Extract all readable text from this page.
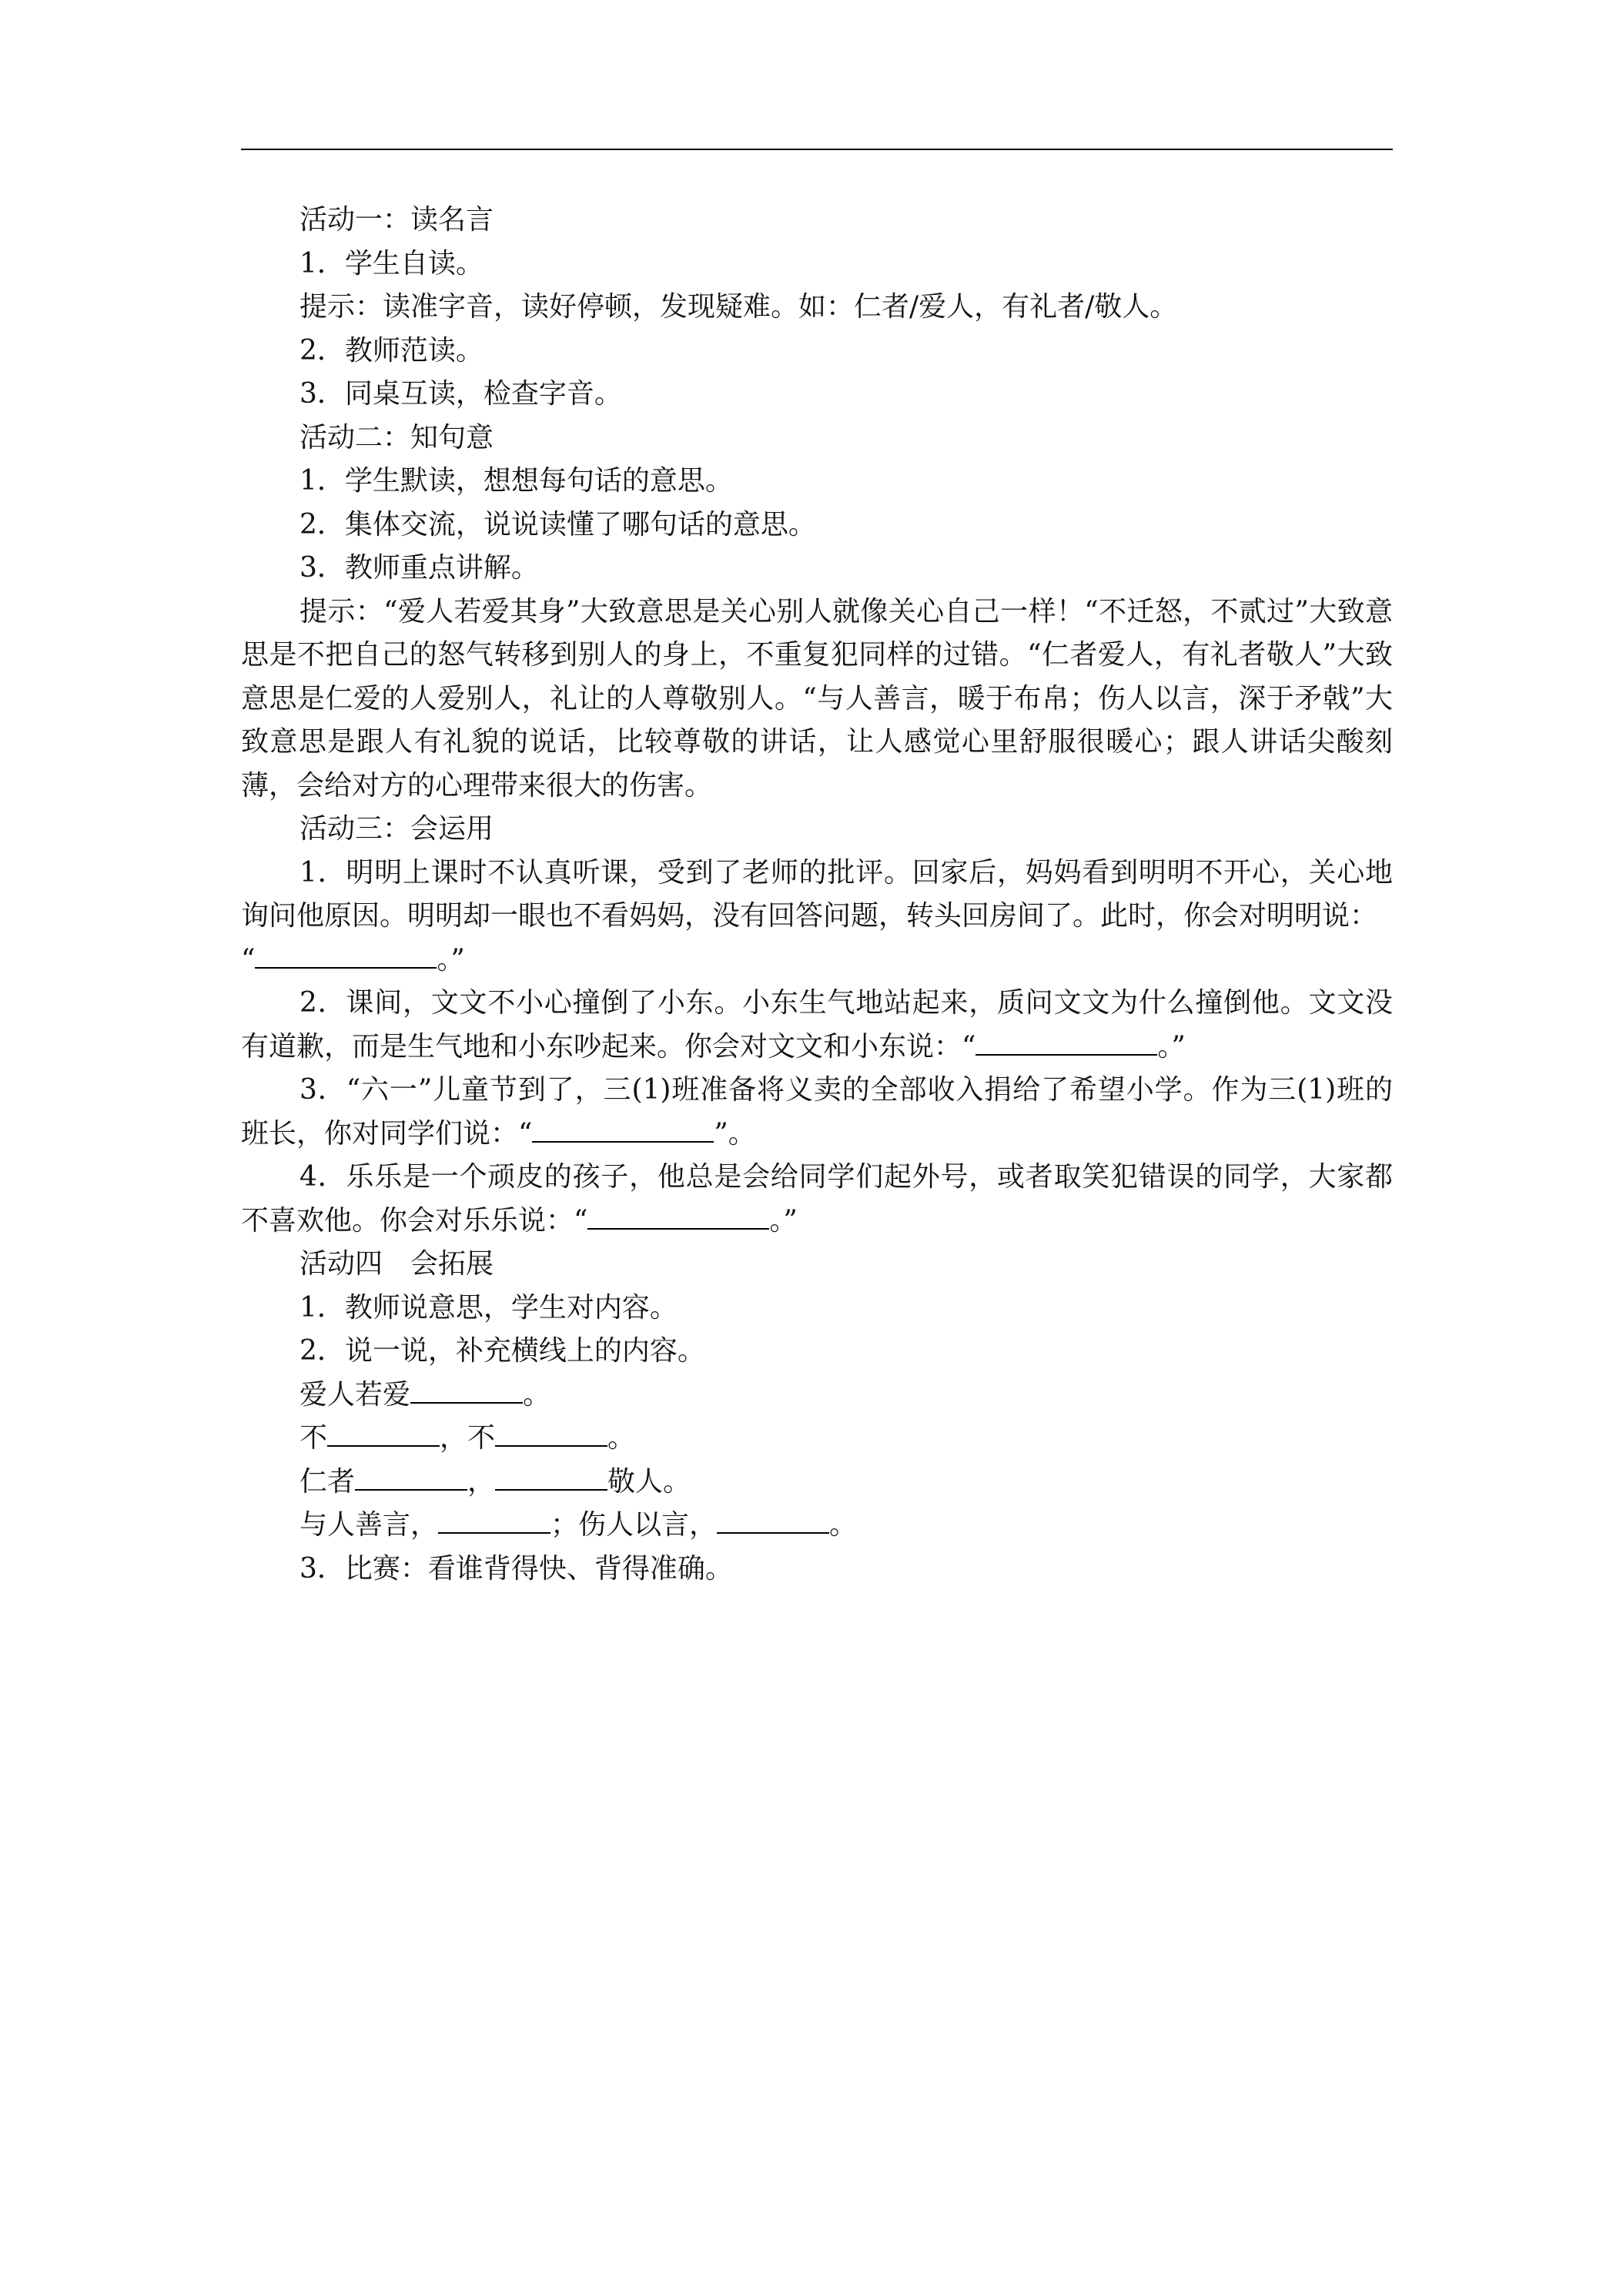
活动一：读名言
1．学生自读。
提示：读准字音，读好停顿，发现疑难。如：仁者/爱人，有礼者/敬人。
2．教师范读。
3．同桌互读，检查字音。
活动二：知句意
1．学生默读，想想每句话的意思。
2．集体交流，说说读懂了哪句话的意思。
3．教师重点讲解。
提示：“爱人若爱其身”大致意思是关心别人就像关心自己一样！“不迁怒，不贰过”大致意思是不把自己的怒气转移到别人的身上，不重复犯同样的过错。“仁者爱人，有礼者敬人”大致意思是仁爱的人爱别人，礼让的人尊敬别人。“与人善言，暖于布帛；伤人以言，深于矛戟”大致意思是跟人有礼貌的说话，比较尊敬的讲话，让人感觉心里舒服很暖心；跟人讲话尖酸刻薄，会给对方的心理带来很大的伤害。
活动三：会运用
1．明明上课时不认真听课，受到了老师的批评。回家后，妈妈看到明明不开心，关心地询问他原因。明明却一眼也不看妈妈，没有回答问题，转头回房间了。此时，你会对明明说：
“	。”
2．课间，文文不小心撞倒了小东。小东生气地站起来，质问文文为什么撞倒他。文文没有道歉，而是生气地和小东吵起来。你会对文文和小东说：“	。”
3．“六一”儿童节到了，三(1)班准备将义卖的全部收入捐给了希望小学。作为三(1)班的班长，你对同学们说：“	”。
4．乐乐是一个顽皮的孩子，他总是会给同学们起外号，或者取笑犯错误的同学，大家都不喜欢他。你会对乐乐说：“	。”
活动四　会拓展
1．教师说意思，学生对内容。
2．说一说，补充横线上的内容。
爱人若爱	。
不	，不	。
仁者	，	敬人。
与人善言，	；伤人以言，	。
3．比赛：看谁背得快、背得准确。
